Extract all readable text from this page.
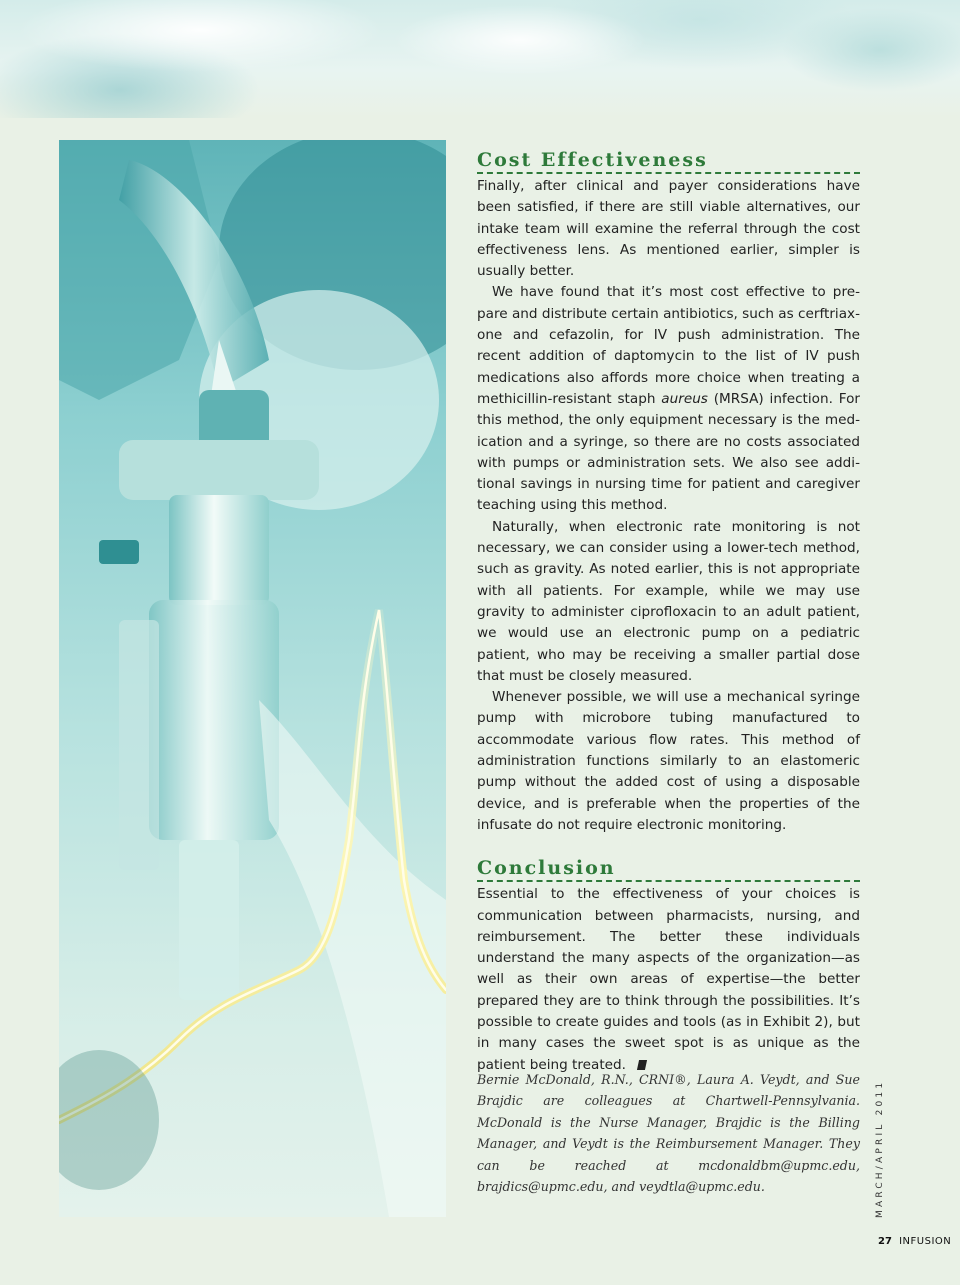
Cost Effectiveness

Finally, after clinical and payer considerations have been satisfied, if there are still viable alternatives, our intake team will examine the referral through the cost effectiveness lens. As mentioned earlier, simpler is usually better.

We have found that it’s most cost effective to prepare and distribute certain antibiotics, such as cerftriaxone and cefazolin, for IV push administration. The recent addition of daptomycin to the list of IV push medications also affords more choice when treating a methicillin-resistant staph aureus (MRSA) infection. For this method, the only equipment necessary is the medication and a syringe, so there are no costs associated with pumps or administration sets. We also see additional savings in nursing time for patient and caregiver teaching using this method.

Naturally, when electronic rate monitoring is not necessary, we can consider using a lower-tech method, such as gravity. As noted earlier, this is not appropriate with all patients. For example, while we may use gravity to administer ciprofloxacin to an adult patient, we would use an electronic pump on a pediatric patient, who may be receiving a smaller partial dose that must be closely measured.

Whenever possible, we will use a mechanical syringe pump with microbore tubing manufactured to accommodate various flow rates. This method of administration functions similarly to an elastomeric pump without the added cost of using a disposable device, and is preferable when the properties of the infusate do not require electronic monitoring.

Conclusion

Essential to the effectiveness of your choices is communication between pharmacists, nursing, and reimbursement. The better these individuals understand the many aspects of the organization—as well as their own areas of expertise—the better prepared they are to think through the possibilities. It’s possible to create guides and tools (as in Exhibit 2), but in many cases the sweet spot is as unique as the patient being treated.

Bernie McDonald, R.N., CRNI®, Laura A. Veydt, and Sue Brajdic are colleagues at Chartwell-Pennsylvania. McDonald is the Nurse Manager, Brajdic is the Billing Manager, and Veydt is the Reimbursement Manager. They can be reached at mcdonaldbm@upmc.edu, brajdics@upmc.edu, and veydtla@upmc.edu.	MARCH/APRIL 2011
27 INFUSION
